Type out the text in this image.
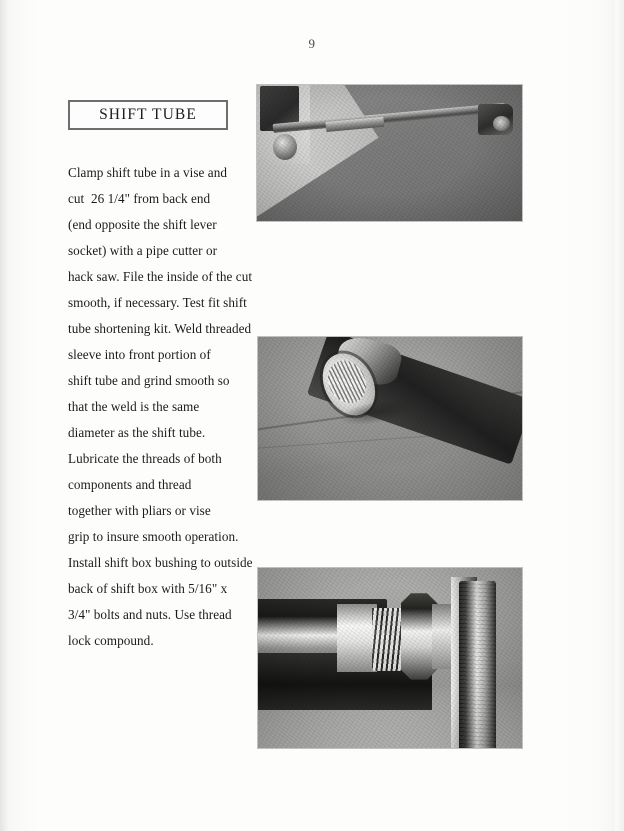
9
SHIFT TUBE
Clamp shift tube in a vise and
cut  26 1/4" from back end
(end opposite the shift lever
socket) with a pipe cutter or
hack saw. File the inside of the cut
smooth, if necessary. Test fit shift
tube shortening kit. Weld threaded
sleeve into front portion of
shift tube and grind smooth so
that the weld is the same
diameter as the shift tube.
Lubricate the threads of both
components and thread
together with pliars or vise
grip to insure smooth operation.
Install shift box bushing to outside
back of shift box with 5/16" x
3/4" bolts and nuts. Use thread
lock compound.
